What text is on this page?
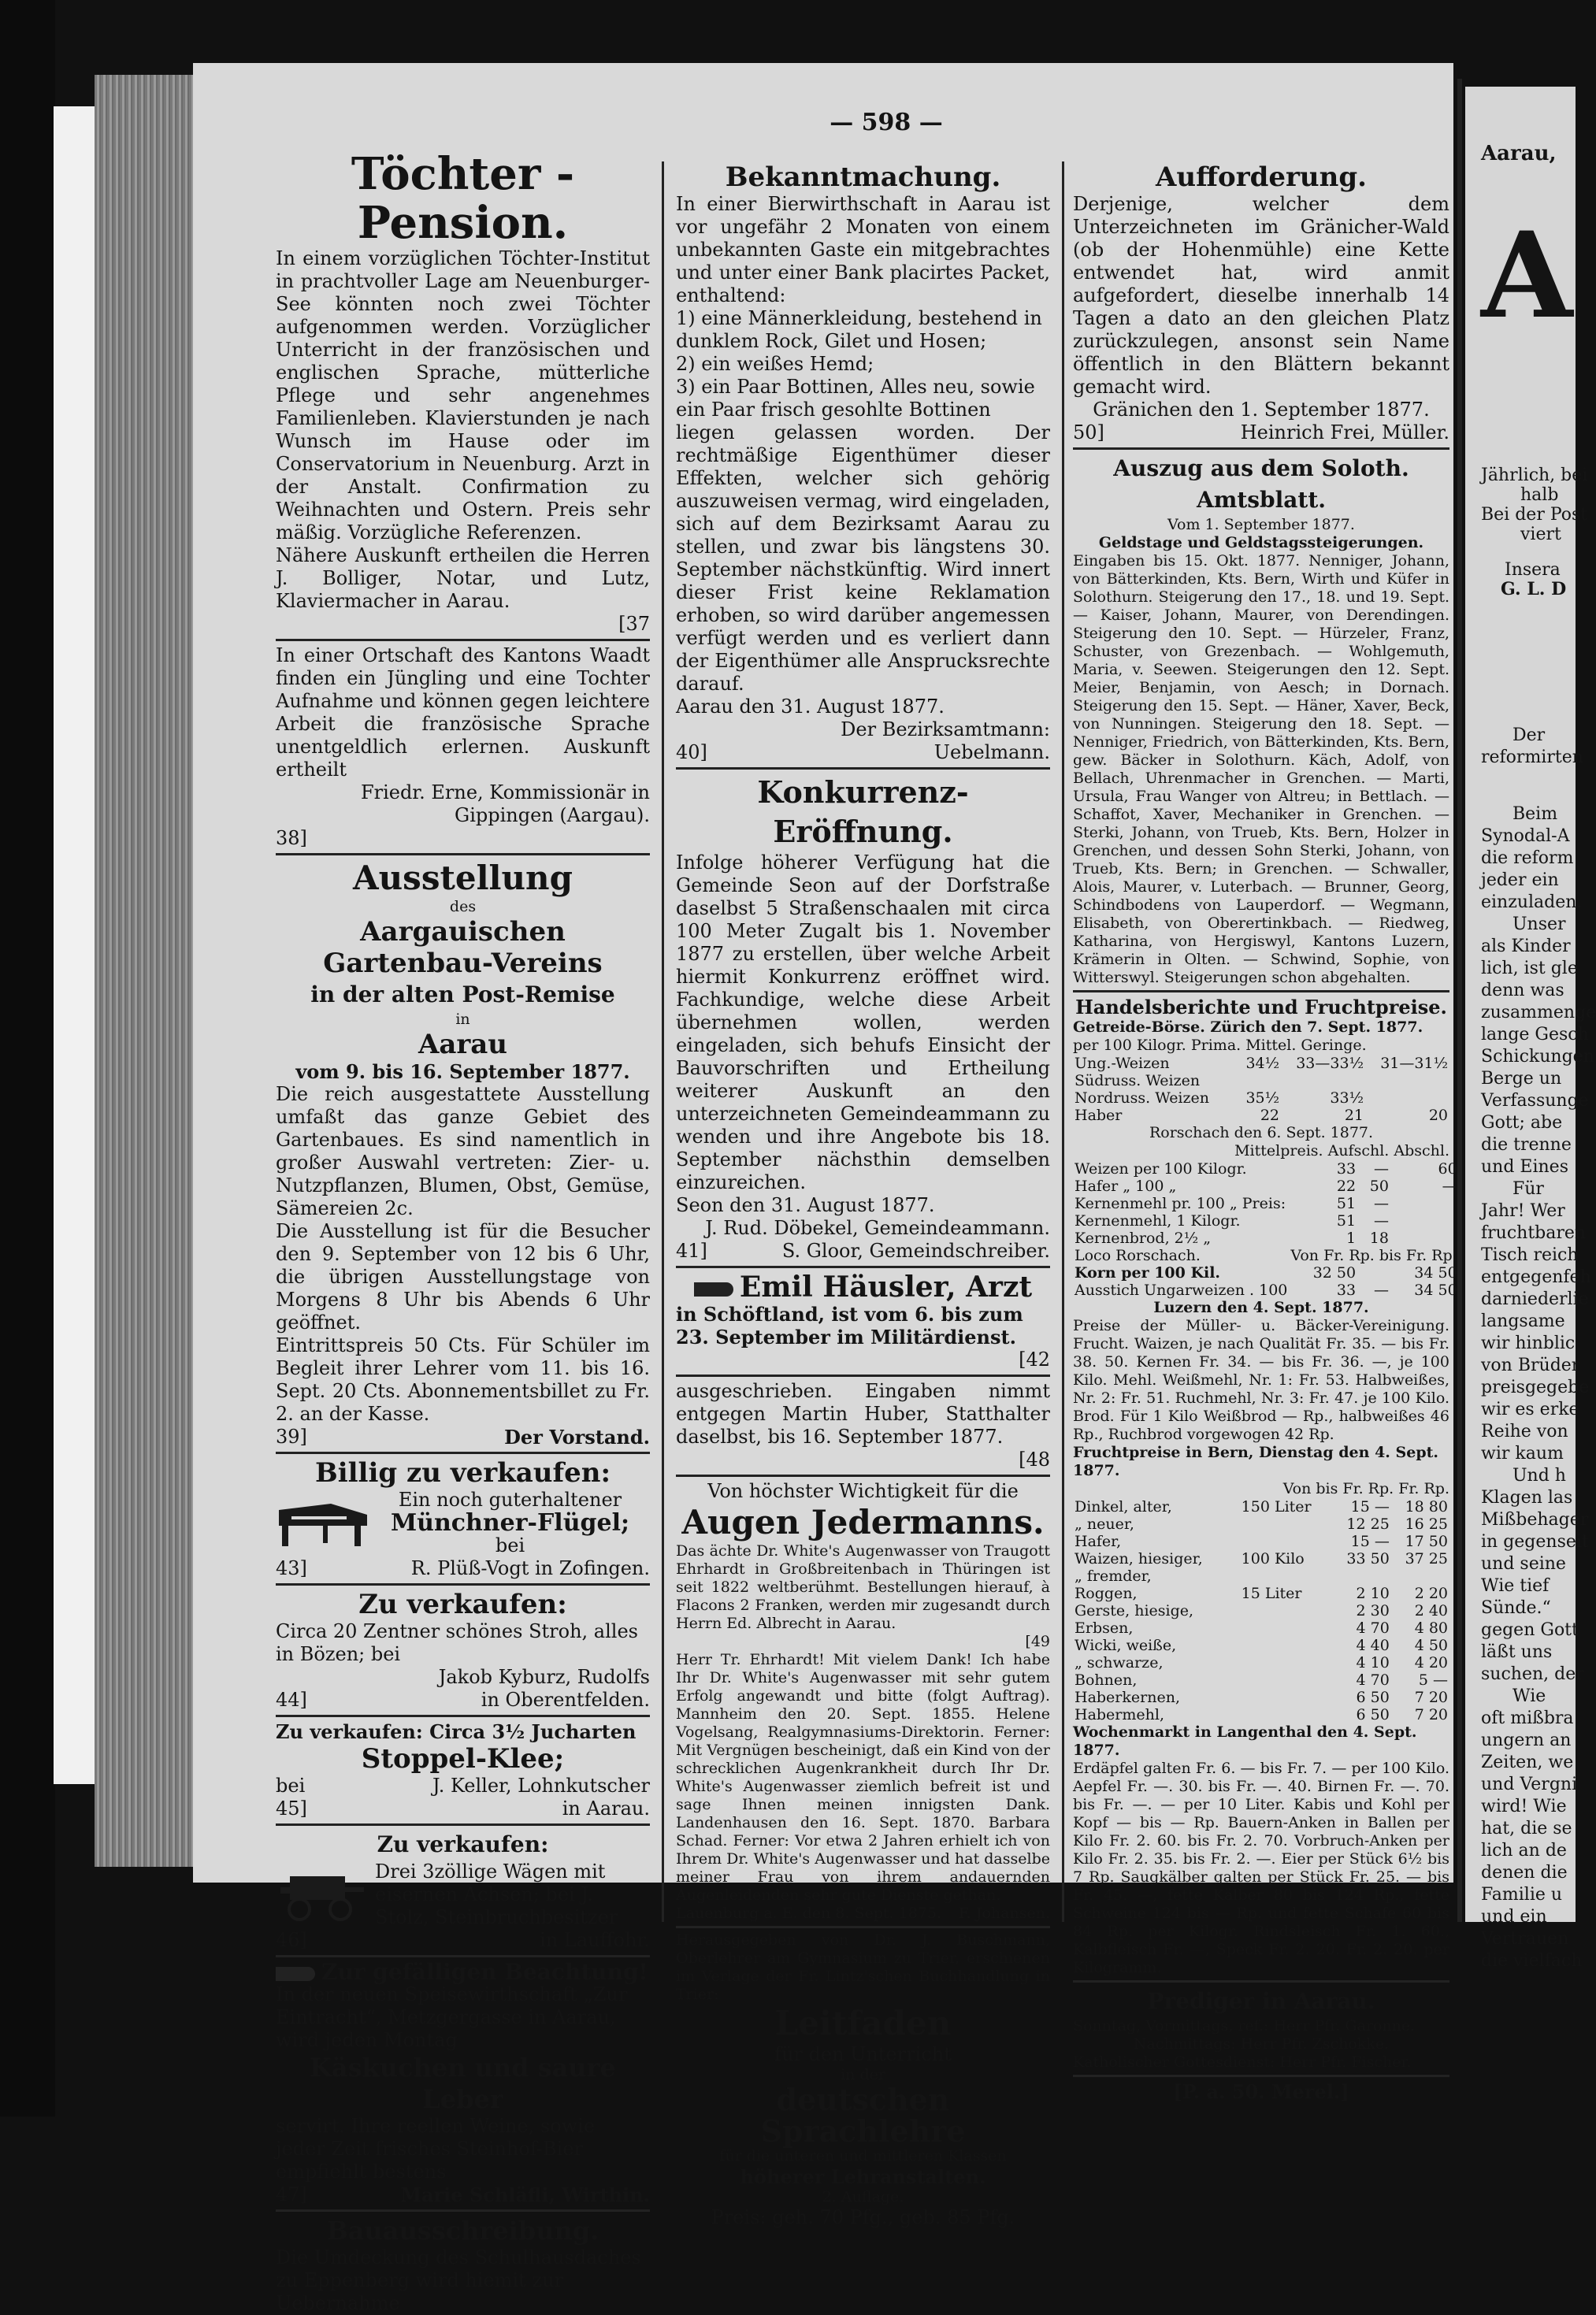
— 598 —
Töchter - Pension.

In einem vorzüglichen Töchter-Institut in prachtvoller Lage am Neuenburger-See könnten noch zwei Töchter aufgenommen werden. Vorzüglicher Unterricht in der französischen und englischen Sprache, mütterliche Pflege und sehr angenehmes Familienleben. Klavierstunden je nach Wunsch im Hause oder im Conservatorium in Neuenburg. Arzt in der Anstalt. Confirmation zu Weihnachten und Ostern. Preis sehr mäßig. Vorzügliche Referenzen.

Nähere Auskunft ertheilen die Herren J. Bolliger, Notar, und Lutz, Klaviermacher in Aarau.

[37

In einer Ortschaft des Kantons Waadt finden ein Jüngling und eine Tochter Aufnahme und können gegen leichtere Arbeit die französische Sprache unentgeldlich erlernen. Auskunft ertheilt

Friedr. Erne, Kommissionär in Gippingen (Aargau).

38]

Ausstellung

des

Aargauischen Gartenbau-Vereins
in der alten Post-Remise

in

Aarau

vom 9. bis 16. September 1877.

Die reich ausgestattete Ausstellung umfaßt das ganze Gebiet des Gartenbaues. Es sind namentlich in großer Auswahl vertreten: Zier- u. Nutzpflanzen, Blumen, Obst, Gemüse, Sämereien 2c.

Die Ausstellung ist für die Besucher den 9. September von 12 bis 6 Uhr, die übrigen Ausstellungstage von Morgens 8 Uhr bis Abends 6 Uhr geöffnet.

Eintrittspreis 50 Cts. Für Schüler im Begleit ihrer Lehrer vom 11. bis 16. Sept. 20 Cts. Abonnementsbillet zu Fr. 2. an der Kasse.

39]	Der Vorstand.
Billig zu verkaufen:

Ein noch guterhaltener

Münchner-Flügel;

bei

43]	R. Plüß-Vogt in Zofingen.
Zu verkaufen:

Circa 20 Zentner schönes Stroh, alles in Bözen; bei

Jakob Kyburz, Rudolfs

44]	in Oberentfelden.

Zu verkaufen: Circa 3½ Jucharten

Stoppel-Klee;
bei	J. Keller, Lohnkutscher
45]	in Aarau.
Zu verkaufen:

Drei 3zöllige Wägen mit eisernen Achsen; bei J. Stolz, Steinbruchbesitzer

46]	in Lauffohr.
Zur gefälligen Beachtung!

In der neuen Speisewirthschaft „Zur Eintracht“, Metzgergasse in Aarau, wird jeden Montag

Käskuchen und saure Leber

servirt. Ihre reellen Weine, sowie jeder Zeit frisches Steinhof-Bier empfiehlt bestens

47]	Marie Schläfli, Wirthin.
Bauausschreibung.

Die Umdeckung des Schulhausdaches zu Eppenberg wird hiemit zur Uebernahme

Bekanntmachung.

In einer Bierwirthschaft in Aarau ist vor ungefähr 2 Monaten von einem unbekannten Gaste ein mitgebrachtes und unter einer Bank placirtes Packet, enthaltend:

1) eine Männerkleidung, bestehend in dunklem Rock, Gilet und Hosen;

2) ein weißes Hemd;

3) ein Paar Bottinen, Alles neu, sowie ein Paar frisch gesohlte Bottinen

liegen gelassen worden. Der rechtmäßige Eigenthümer dieser Effekten, welcher sich gehörig auszuweisen vermag, wird eingeladen, sich auf dem Bezirksamt Aarau zu stellen, und zwar bis längstens 30. September nächstkünftig. Wird innert dieser Frist keine Reklamation erhoben, so wird darüber angemessen verfügt werden und es verliert dann der Eigenthümer alle Ansprucksrechte darauf.

Aarau den 31. August 1877.

Der Bezirksamtmann:

40]	Uebelmann.
Konkurrenz-Eröffnung.

Infolge höherer Verfügung hat die Gemeinde Seon auf der Dorfstraße daselbst 5 Straßenschaalen mit circa 100 Meter Zugalt bis 1. November 1877 zu erstellen, über welche Arbeit hiermit Konkurrenz eröffnet wird. Fachkundige, welche diese Arbeit übernehmen wollen, werden eingeladen, sich behufs Einsicht der Bauvorschriften und Ertheilung weiterer Auskunft an den unterzeichneten Gemeindeammann zu wenden und ihre Angebote bis 18. September nächsthin demselben einzureichen.

Seon den 31. August 1877.

J. Rud. Döbekel, Gemeindeammann.

41]	S. Gloor, Gemeindschreiber.
Emil Häusler, Arzt

in Schöftland, ist vom 6. bis zum 23. September im Militärdienst.

[42

ausgeschrieben. Eingaben nimmt entgegen Martin Huber, Statthalter daselbst, bis 16. September 1877.

[48

Von höchster Wichtigkeit für die

Augen Jedermanns.

Das ächte Dr. White's Augenwasser von Traugott Ehrhardt in Großbreitenbach in Thüringen ist seit 1822 weltberühmt. Bestellungen hierauf, à Flacons 2 Franken, werden mir zugesandt durch Herrn Ed. Albrecht in Aarau.

[49

Herr Tr. Ehrhardt! Mit vielem Dank! Ich habe Ihr Dr. White's Augenwasser mit sehr gutem Erfolg angewandt und bitte (folgt Auftrag). Mannheim den 20. Sept. 1855. Helene Vogelsang, Realgymnasiums-Direktorin. Ferner: Mit Vergnügen bescheinigt, daß ein Kind von der schrecklichen Augenkrankheit durch Ihr Dr. White's Augenwasser ziemlich befreit ist und sage Ihnen meinen innigsten Dank. Landenhausen den 16. Sept. 1870. Barbara Schad. Ferner: Vor etwa 2 Jahren erhielt ich von Ihrem Dr. White's Augenwasser und hat dasselbe meiner Frau von ihrem andauernden Augenleidenden sehr gute Dienste gethan.

Lauenburg a. E. den 8. Sept. 1875. F. Johansen.

Herausgegeben von Dr. J. Buschmann, Oberlehrer am Gymnasium zu Trier, erschienen im Verlage der Fr. Lintz'schen Buchhandlung in Trier:

Leitfaden

für den Unterricht

in der

deutschen Sprachlehre

für die unteren und mittleren Klassen

höherer Lehranstalten.

2. Auflage.

Preis: geh. 70 Pfg., geb. 85 Pfg.

Aufforderung.

Derjenige, welcher dem Unterzeichneten im Gränicher-Wald (ob der Hohenmühle) eine Kette entwendet hat, wird anmit aufgefordert, dieselbe innerhalb 14 Tagen a dato an den gleichen Platz zurückzulegen, ansonst sein Name öffentlich in den Blättern bekannt gemacht wird.

Gränichen den 1. September 1877.

50]	Heinrich Frei, Müller.
Auszug aus dem Soloth. Amtsblatt.

Vom 1. September 1877.

Geldstage und Geldstagssteigerungen.

Eingaben bis 15. Okt. 1877. Nenniger, Johann, von Bätterkinden, Kts. Bern, Wirth und Küfer in Solothurn. Steigerung den 17., 18. und 19. Sept. — Kaiser, Johann, Maurer, von Derendingen. Steigerung den 10. Sept. — Hürzeler, Franz, Schuster, von Grezenbach. — Wohlgemuth, Maria, v. Seewen. Steigerungen den 12. Sept. Meier, Benjamin, von Aesch; in Dornach. Steigerung den 15. Sept. — Häner, Xaver, Beck, von Nunningen. Steigerung den 18. Sept. — Nenniger, Friedrich, von Bätterkinden, Kts. Bern, gew. Bäcker in Solothurn. Käch, Adolf, von Bellach, Uhrenmacher in Grenchen. — Marti, Ursula, Frau Wanger von Altreu; in Bettlach. — Schaffot, Xaver, Mechaniker in Grenchen. — Sterki, Johann, von Trueb, Kts. Bern, Holzer in Grenchen, und dessen Sohn Sterki, Johann, von Trueb, Kts. Bern; in Grenchen. — Schwaller, Alois, Maurer, v. Luterbach. — Brunner, Georg, Schindbodens von Lauperdorf. — Wegmann, Elisabeth, von Oberertinkbach. — Riedweg, Katharina, von Hergiswyl, Kantons Luzern, Krämerin in Olten. — Schwind, Sophie, von Witterswyl. Steigerungen schon abgehalten.

Handelsberichte und Fruchtpreise.

Getreide-Börse. Zürich den 7. Sept. 1877.

per 100 Kilogr. Prima. Mittel. Geringe.

Ung.-Weizen	34½	33—33½	31—31½
Südruss. Weizen			
Nordruss. Weizen	35½	33½	
Haber	22	21	20

Rorschach den 6. Sept. 1877.

Mittelpreis. Aufschl. Abschl.

Weizen per 100 Kilogr.	33	—	60
Hafer „ 100 „	22	50	—
Kernenmehl pr. 100 „ Preis:	51	—	
Kernenmehl, 1 Kilogr.	51	—	
Kernenbrod, 2½ „	1	18	
Loco Rorschach.	Von Fr. Rp. bis Fr. Rp.		
Korn per 100 Kil.	32 50		34 50
Ausstich Ungarweizen . 100	33	—	34 50

Luzern den 4. Sept. 1877.

Preise der Müller- u. Bäcker-Vereinigung. Frucht. Waizen, je nach Qualität Fr. 35. — bis Fr. 38. 50. Kernen Fr. 34. — bis Fr. 36. —, je 100 Kilo. Mehl. Weißmehl, Nr. 1: Fr. 53. Halbweißes, Nr. 2: Fr. 51. Ruchmehl, Nr. 3: Fr. 47. je 100 Kilo. Brod. Für 1 Kilo Weißbrod — Rp., halbweißes 46 Rp., Ruchbrod vorgewogen 42 Rp.

Fruchtpreise in Bern, Dienstag den 4. Sept. 1877.

Von bis Fr. Rp. Fr. Rp.

Dinkel, alter,	150 Liter	15 —	18 80
„ neuer,		12 25	16 25
Hafer,		15 —	17 50
Waizen, hiesiger,	100 Kilo	33 50	37 25
„ fremder,			
Roggen,	15 Liter	2 10	2 20
Gerste, hiesige,		2 30	2 40
Erbsen,		4 70	4 80
Wicki, weiße,		4 40	4 50
„ schwarze,		4 10	4 20
Bohnen,		4 70	5 —
Haberkernen,		6 50	7 20
Habermehl,		6 50	7 20

Wochenmarkt in Langenthal den 4. Sept. 1877.

Erdäpfel galten Fr. 6. — bis Fr. 7. — per 100 Kilo. Aepfel Fr. —. 30. bis Fr. —. 40. Birnen Fr. —. 70. bis Fr. —. — per 10 Liter. Kabis und Kohl per Kopf — bis — Rp. Bauern-Anken in Ballen per Kilo Fr. 2. 60. bis Fr. 2. 70. Vorbruch-Anken per Kilo Fr. 2. 35. bis Fr. 2. —. Eier per Stück 6½ bis 7 Rp. Saugkälber galten per Stück Fr. 25. — bis Fr. 45. —, fette Kälber 80 bis 124 Rp., fette Schweine 124 bis — Rp. und fette Schafe 60 bis 84 Rp. per Kilogr. Rindsleisch Fr. 1. 60., Kalbfleisch Fr. —, Speck Fr. 2. 20. Fr. 2. 20. per Kilogramm.

Prediger in Aarau.

Sonntag, Vormittags, ref.: Herr Pfr. Garonne.

Nachmittags: Herr Pfr. Zschokke.

Katholischer Gottesdienst: Herr Pfr. Fischer.

[P. a. 50. Merel.]

Aarau,
A
Jährlich, bei
halb
Bei der Post
viert
Insera
G. L. D
Der
reformirten
Beim
Synodal-A
die reform
jeder ein
einzuladen.
Unser
als Kinder
lich, ist gle
denn was
zusammenge
lange Gesch
Schickungen
Berge un
Verfassunge
Gott; abe
die trenne
und Eines
Für
Jahr! Wer
fruchtbaren
Tisch reich
entgegenfeh
darniederlie
langsame
wir hinblic
von Brüder
preisgegebe
wir es erke
Reihe von
wir kaum
Und h
Klagen las
Mißbehager
in gegenseit
und seine
Wie tief
Sünde.“
gegen Gott
läßt uns
suchen, der
Wie
oft mißbra
ungern an
Zeiten, we
und Vergni
wird! Wie
hat, die se
lich an de
denen die
Familie u
und ein
Vertrauen
die vielfach
